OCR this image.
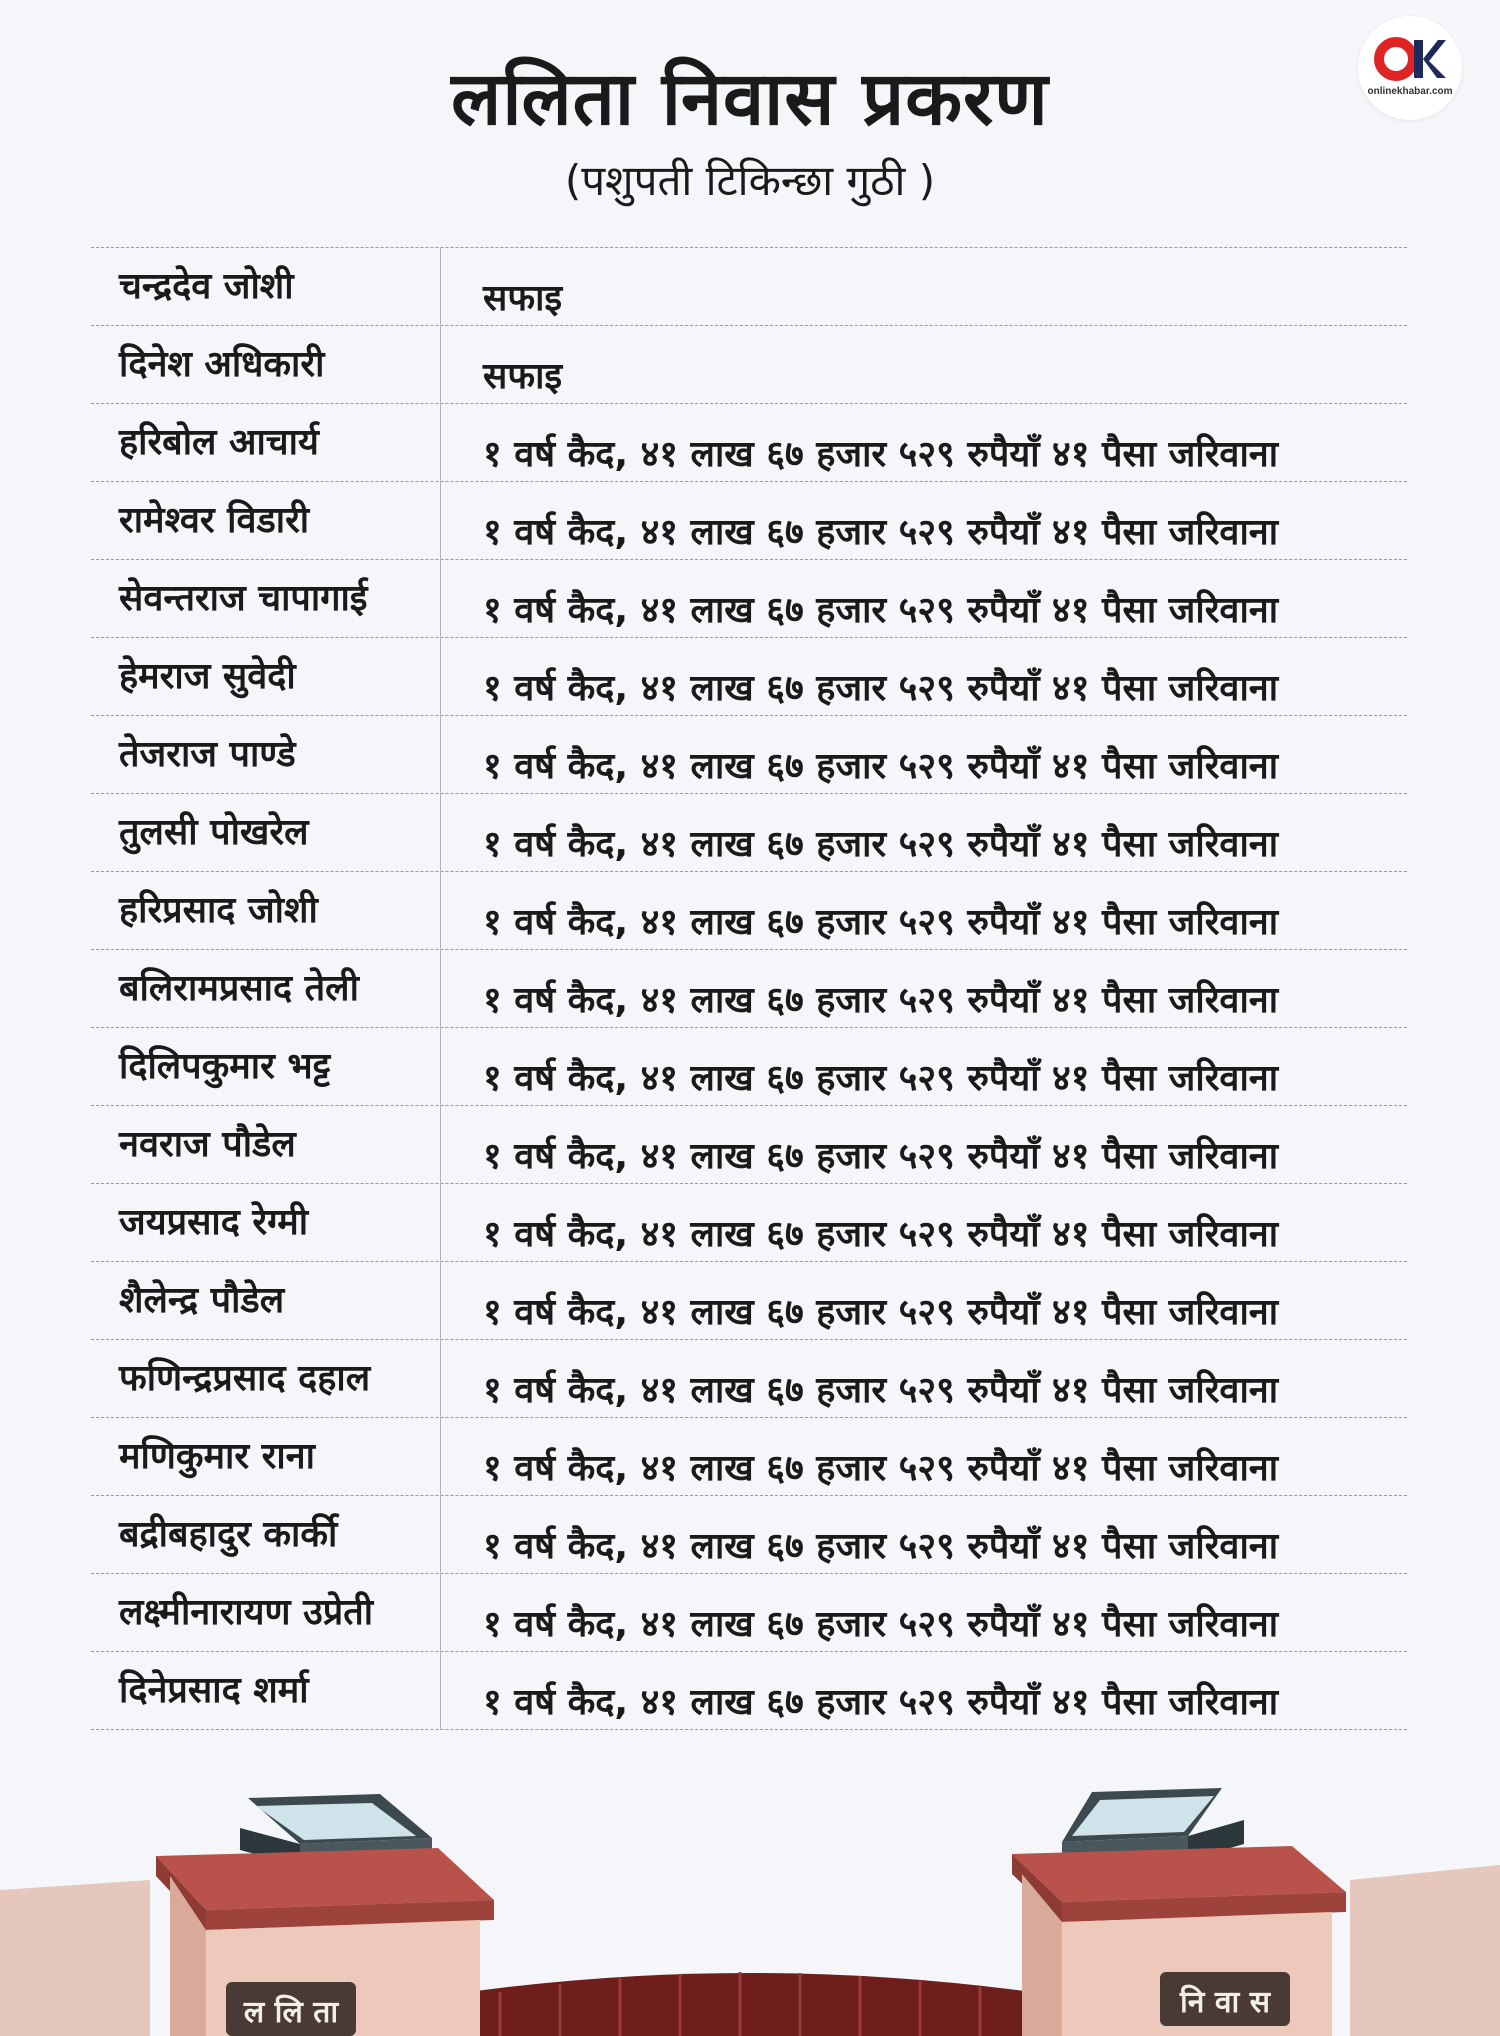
onlinekhabar.com
ललिता निवास प्रकरण
(पशुपती टिकिन्छा गुठी )
चन्द्रदेव जोशी	सफाइ
दिनेश अधिकारी	सफाइ
हरिबोल आचार्य	१ वर्ष कैद, ४१ लाख ६७ हजार ५२९ रुपैयाँ ४१ पैसा जरिवाना
रामेश्वर विडारी	१ वर्ष कैद, ४१ लाख ६७ हजार ५२९ रुपैयाँ ४१ पैसा जरिवाना
सेवन्तराज चापागाई	१ वर्ष कैद, ४१ लाख ६७ हजार ५२९ रुपैयाँ ४१ पैसा जरिवाना
हेमराज सुवेदी	१ वर्ष कैद, ४१ लाख ६७ हजार ५२९ रुपैयाँ ४१ पैसा जरिवाना
तेजराज पाण्डे	१ वर्ष कैद, ४१ लाख ६७ हजार ५२९ रुपैयाँ ४१ पैसा जरिवाना
तुलसी पोखरेल	१ वर्ष कैद, ४१ लाख ६७ हजार ५२९ रुपैयाँ ४१ पैसा जरिवाना
हरिप्रसाद जोशी	१ वर्ष कैद, ४१ लाख ६७ हजार ५२९ रुपैयाँ ४१ पैसा जरिवाना
बलिरामप्रसाद तेली	१ वर्ष कैद, ४१ लाख ६७ हजार ५२९ रुपैयाँ ४१ पैसा जरिवाना
दिलिपकुमार भट्ट	१ वर्ष कैद, ४१ लाख ६७ हजार ५२९ रुपैयाँ ४१ पैसा जरिवाना
नवराज पौडेल	१ वर्ष कैद, ४१ लाख ६७ हजार ५२९ रुपैयाँ ४१ पैसा जरिवाना
जयप्रसाद रेग्मी	१ वर्ष कैद, ४१ लाख ६७ हजार ५२९ रुपैयाँ ४१ पैसा जरिवाना
शैलेन्द्र पौडेल	१ वर्ष कैद, ४१ लाख ६७ हजार ५२९ रुपैयाँ ४१ पैसा जरिवाना
फणिन्द्रप्रसाद दहाल	१ वर्ष कैद, ४१ लाख ६७ हजार ५२९ रुपैयाँ ४१ पैसा जरिवाना
मणिकुमार राना	१ वर्ष कैद, ४१ लाख ६७ हजार ५२९ रुपैयाँ ४१ पैसा जरिवाना
बद्रीबहादुर कार्की	१ वर्ष कैद, ४१ लाख ६७ हजार ५२९ रुपैयाँ ४१ पैसा जरिवाना
लक्ष्मीनारायण उप्रेती	१ वर्ष कैद, ४१ लाख ६७ हजार ५२९ रुपैयाँ ४१ पैसा जरिवाना
दिनेप्रसाद शर्मा	१ वर्ष कैद, ४१ लाख ६७ हजार ५२९ रुपैयाँ ४१ पैसा जरिवाना
ल लि ता	नि वा स
